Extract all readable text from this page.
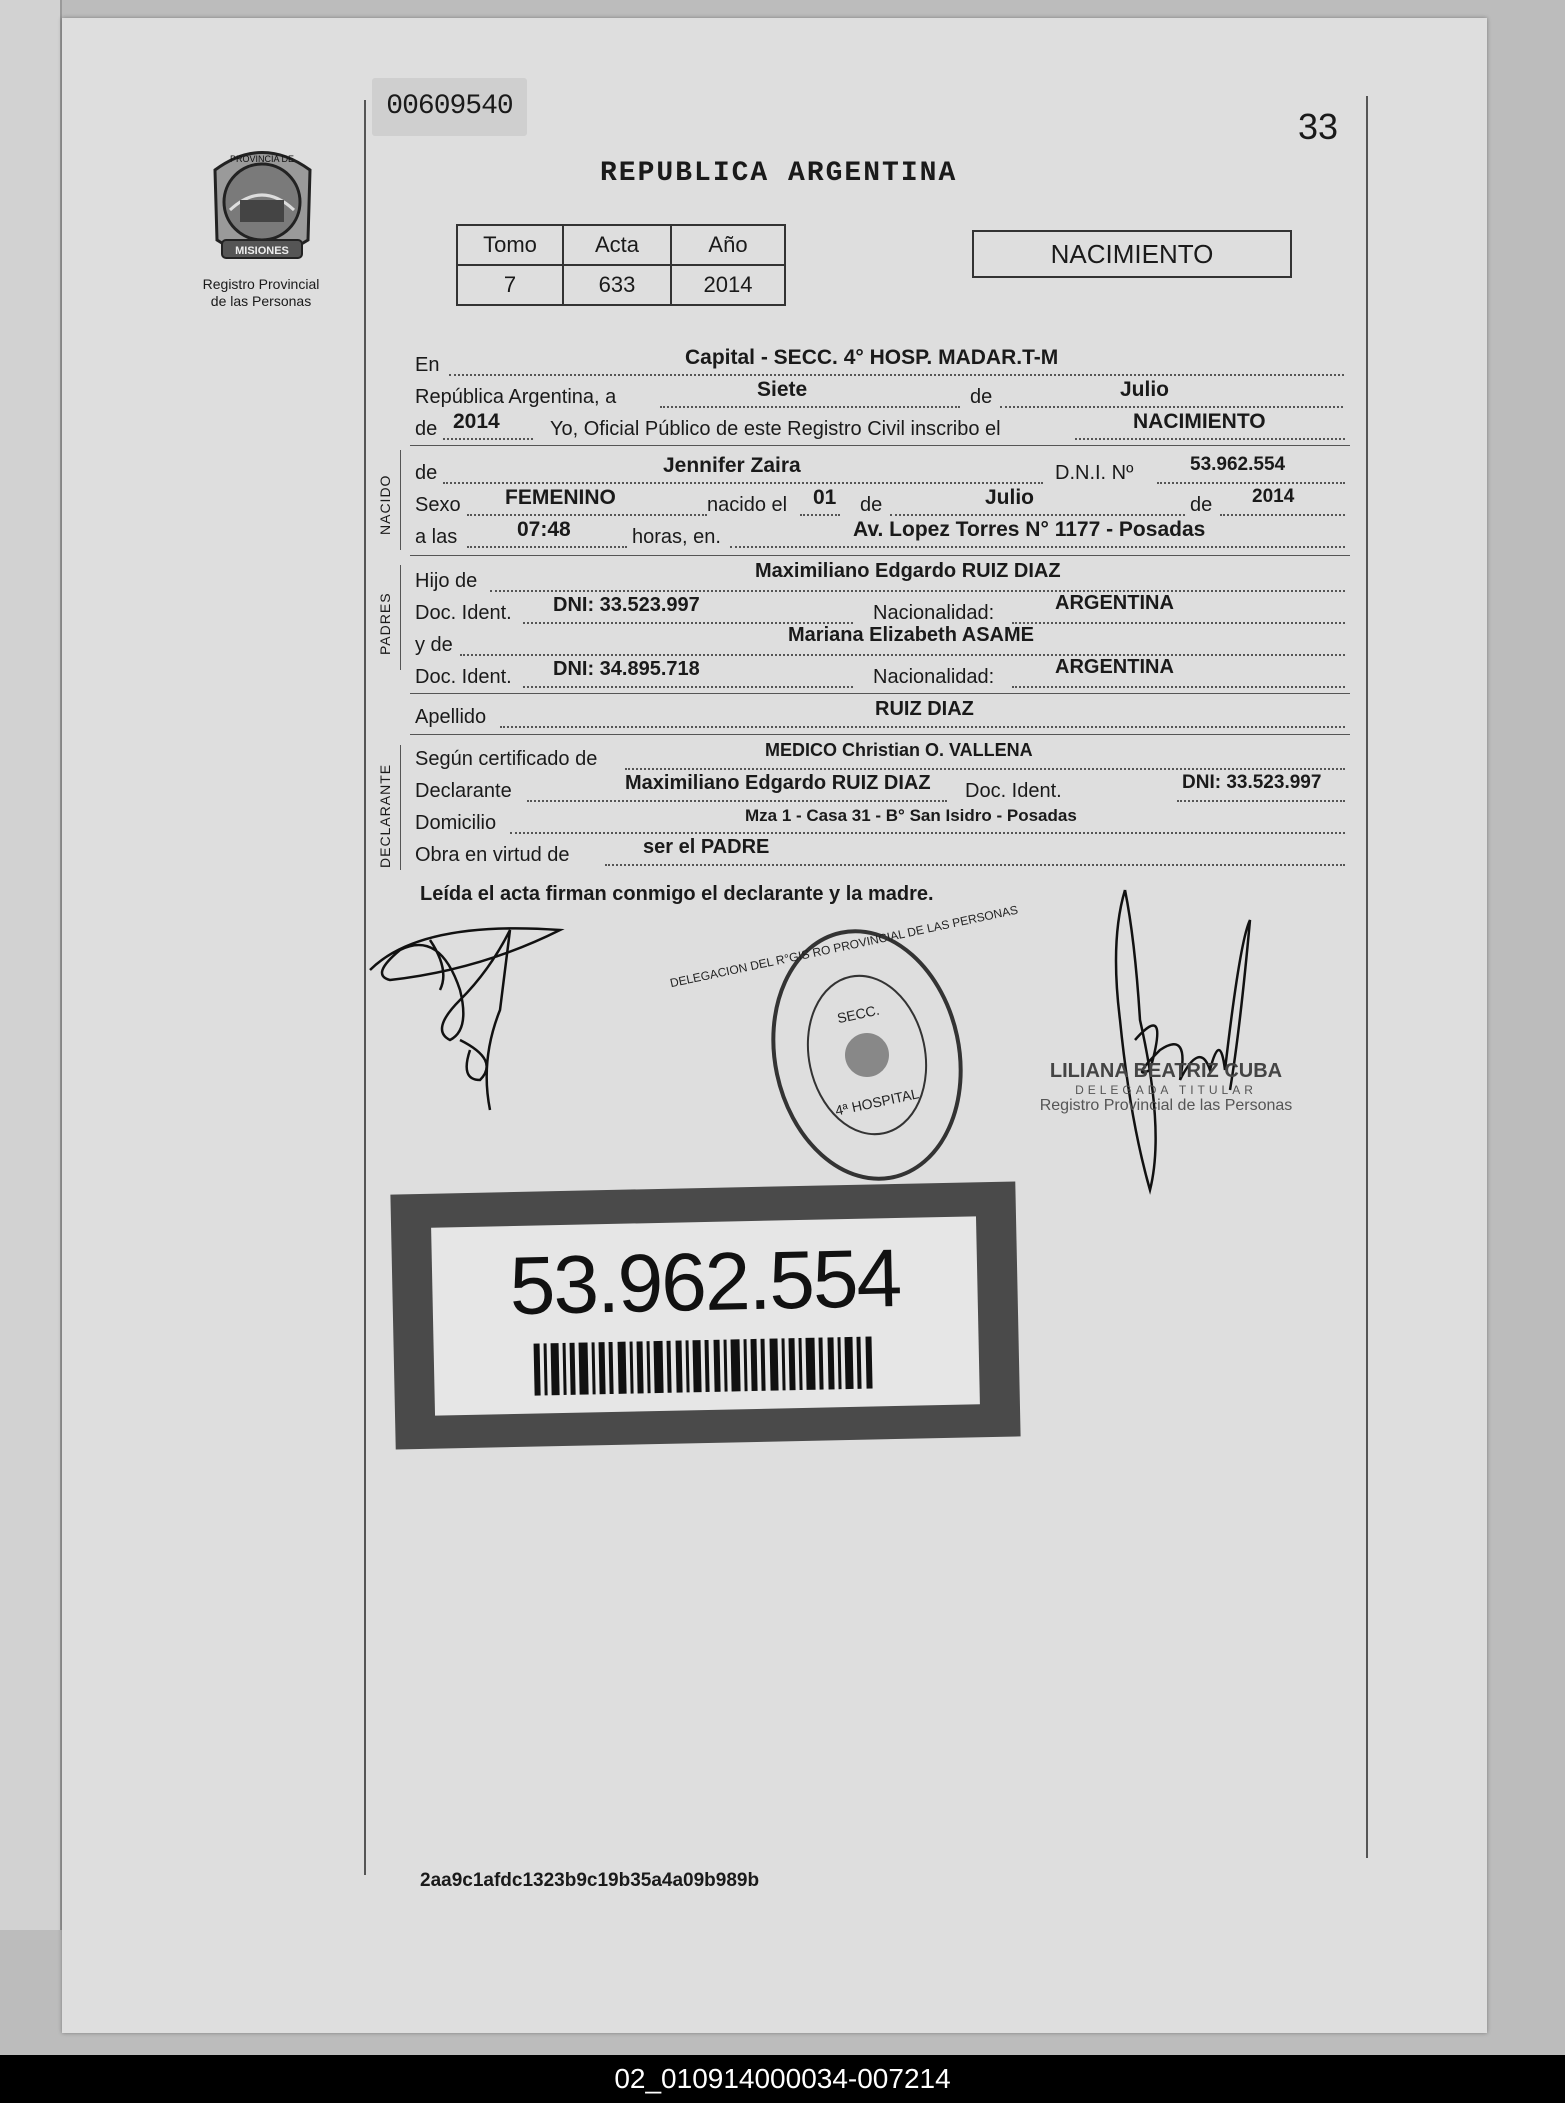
MISIONES
PROVINCIA DE
Registro Provincial
de las Personas
00609540	33
REPUBLICA ARGENTINA
Tomo	Acta	Año
7	633	2014
NACIMIENTO
En	Capital - SECC. 4° HOSP. MADAR.T-M
República Argentina, a	Siete	de	Julio
de 2014	Yo, Oficial Público de este Registro Civil inscribo el	NACIMIENTO
NACIDO
de	Jennifer Zaira	D.N.I. Nº	53.962.554
Sexo FEMENINO	nacido el 01 de	Julio	de 2014
a las	07:48	horas, en.	Av. Lopez Torres N° 1177 - Posadas
PADRES
Hijo de	Maximiliano Edgardo RUIZ DIAZ
Doc. Ident. DNI: 33.523.997	Nacionalidad:	ARGENTINA
y de	Mariana Elizabeth ASAME
Doc. Ident. DNI: 34.895.718	Nacionalidad:	ARGENTINA
Apellido	RUIZ DIAZ
DECLARANTE
Según certificado de	MEDICO Christian O. VALLENA
Declarante	Maximiliano Edgardo RUIZ DIAZ Doc. Ident.	DNI: 33.523.997
Domicilio	Mza 1 - Casa 31 - B° San Isidro - Posadas
Obra en virtud de	ser el PADRE
Leída el acta firman conmigo el declarante y la madre.
DELEGACION DEL R°GIS RO PROVINCIAL DE LAS PERSONAS
SECC.
4ª HOSPITAL
LILIANA BEATRIZ CUBA
DELEGADA TITULAR
Registro Provincial de las Personas
53.962.554
2aa9c1afdc1323b9c19b35a4a09b989b
02_010914000034-007214
